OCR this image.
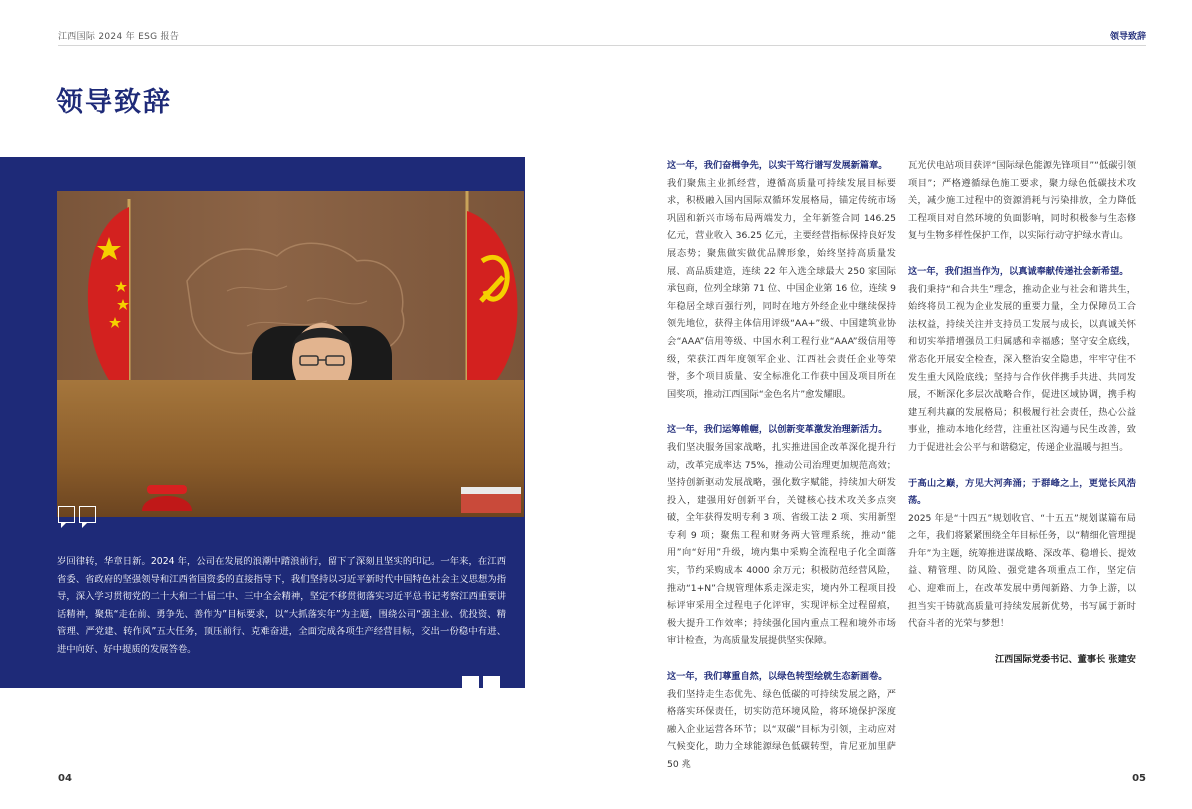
江西国际 2024 年 ESG 报告	领导致辞
领导致辞

岁回律转，华章日新。2024 年，公司在发展的浪潮中踏浪前行，留下了深刻且坚实的印记。一年来，在江西省委、省政府的坚强领导和江西省国资委的直接指导下，我们坚持以习近平新时代中国特色社会主义思想为指导，深入学习贯彻党的二十大和二十届二中、三中全会精神，坚定不移贯彻落实习近平总书记考察江西重要讲话精神，聚焦“走在前、勇争先、善作为”目标要求，以“大抓落实年”为主题，围绕公司“强主业、优投资、精管理、严党建、转作风”五大任务，顶压前行、克难奋进，全面完成各项生产经营目标，交出一份稳中有进、进中向好、好中提质的发展答卷。

这一年，我们奋楫争先，以实干笃行谱写发展新篇章。
我们聚焦主业抓经营，遵循高质量可持续发展目标要求，积极融入国内国际双循环发展格局，锚定传统市场巩固和新兴市场布局两端发力，全年新签合同 146.25 亿元，营业收入 36.25 亿元，主要经营指标保持良好发展态势；聚焦做实做优品牌形象，始终坚持高质量发展、高品质建造，连续 22 年入选全球最大 250 家国际承包商，位列全球第 71 位、中国企业第 16 位，连续 9 年稳居全球百强行列，同时在地方外经企业中继续保持领先地位，获得主体信用评级“AA+”级、中国建筑业协会“AAA”信用等级、中国水利工程行业“AAA”级信用等级，荣获江西年度领军企业、江西社会责任企业等荣誉，多个项目质量、安全标准化工作获中国及项目所在国奖项，推动江西国际“金色名片”愈发耀眼。

这一年，我们运筹帷幄，以创新变革激发治理新活力。
我们坚决服务国家战略，扎实推进国企改革深化提升行动，改革完成率达 75%，推动公司治理更加规范高效；坚持创新驱动发展战略，强化数字赋能，持续加大研发投入，建强用好创新平台，关键核心技术攻关多点突破，全年获得发明专利 3 项、省级工法 2 项、实用新型专利 9 项；聚焦工程和财务两大管理系统，推动“能用”向“好用”升级，境内集中采购全流程电子化全面落实，节约采购成本 4000 余万元；积极防范经营风险，推动“1+N”合规管理体系走深走实，境内外工程项目投标评审采用全过程电子化评审，实现评标全过程留痕，极大提升工作效率；持续强化国内重点工程和境外市场审计检查，为高质量发展提供坚实保障。

这一年，我们尊重自然，以绿色转型绘就生态新画卷。
我们坚持走生态优先、绿色低碳的可持续发展之路，严格落实环保责任，切实防范环境风险，将环境保护深度融入企业运营各环节；以“双碳”目标为引领，主动应对气候变化，助力全球能源绿色低碳转型，肯尼亚加里萨 50 兆

瓦光伏电站项目获评“国际绿色能源先锋项目”“低碳引领项目”；严格遵循绿色施工要求，聚力绿色低碳技术攻关，减少施工过程中的资源消耗与污染排放，全力降低工程项目对自然环境的负面影响，同时积极参与生态修复与生物多样性保护工作，以实际行动守护绿水青山。

这一年，我们担当作为，以真诚奉献传递社会新希望。
我们秉持“和合共生”理念，推动企业与社会和谐共生，始终将员工视为企业发展的重要力量，全力保障员工合法权益，持续关注并支持员工发展与成长，以真诚关怀和切实举措增强员工归属感和幸福感；坚守安全底线，常态化开展安全检查，深入整治安全隐患，牢牢守住不发生重大风险底线；坚持与合作伙伴携手共进、共同发展，不断深化多层次战略合作，促进区域协调，携手构建互利共赢的发展格局；积极履行社会责任，热心公益事业，推动本地化经营，注重社区沟通与民生改善，致力于促进社会公平与和谐稳定，传递企业温暖与担当。

于高山之巅，方见大河奔涌；于群峰之上，更觉长风浩荡。
2025 年是“十四五”规划收官、“十五五”规划谋篇布局之年，我们将紧紧围绕全年目标任务，以“精细化管理提升年”为主题，统筹推进谋战略、深改革、稳增长、提效益、精管理、防风险、强党建各项重点工作，坚定信心、迎难而上，在改革发展中勇闯新路、力争上游，以担当实干铸就高质量可持续发展新优势，书写属于新时代奋斗者的光荣与梦想！

江西国际党委书记、董事长 张建安
04	05
